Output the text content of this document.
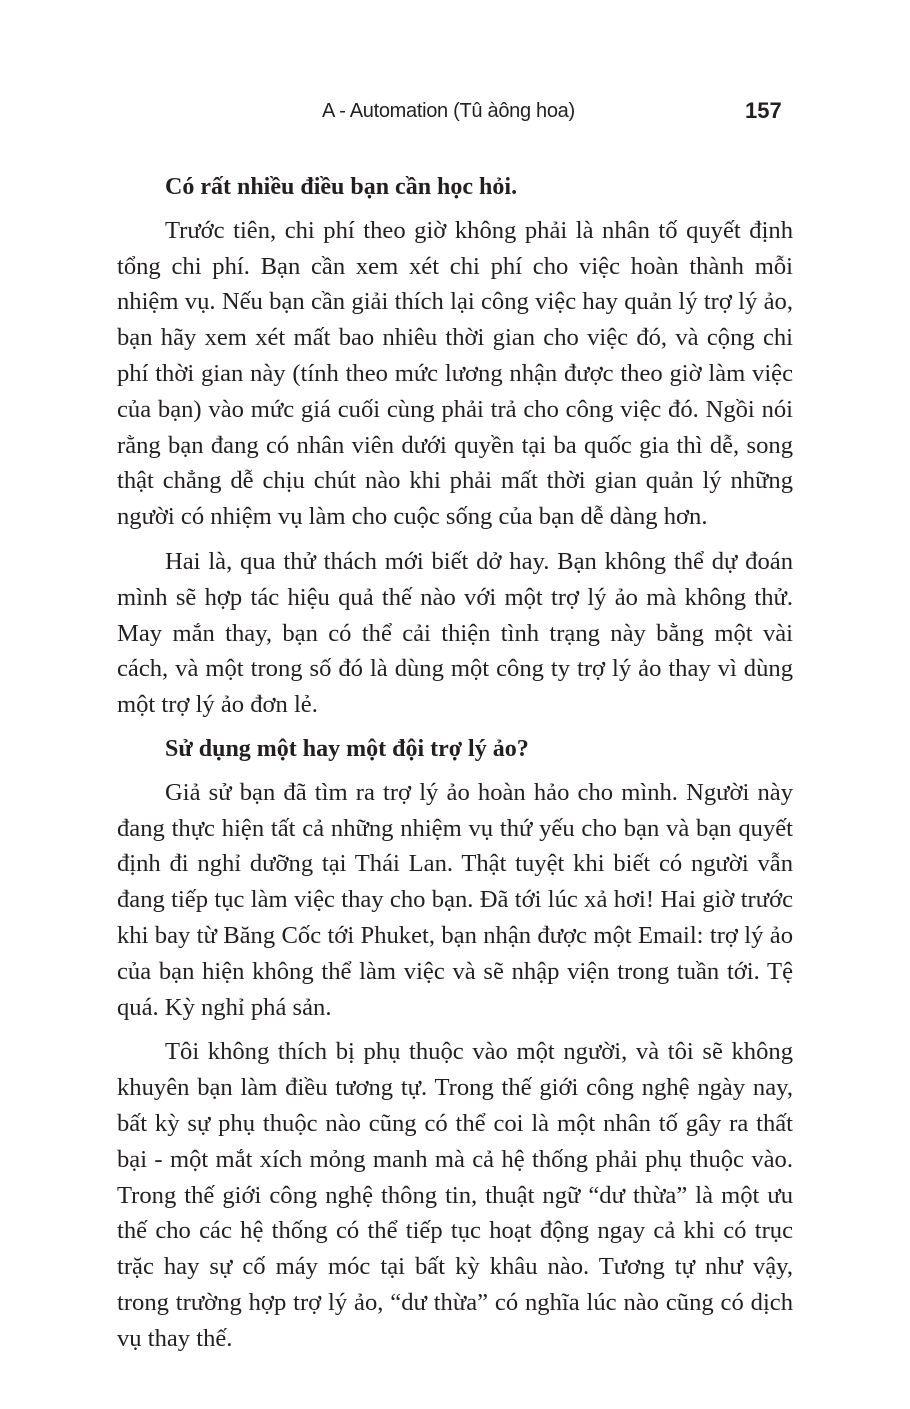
A - Automation (Tû àông hoa)	157

Có rất nhiều điều bạn cần học hỏi.

Trước tiên, chi phí theo giờ không phải là nhân tố quyết định tổng chi phí. Bạn cần xem xét chi phí cho việc hoàn thành mỗi nhiệm vụ. Nếu bạn cần giải thích lại công việc hay quản lý trợ lý ảo, bạn hãy xem xét mất bao nhiêu thời gian cho việc đó, và cộng chi phí thời gian này (tính theo mức lương nhận được theo giờ làm việc của bạn) vào mức giá cuối cùng phải trả cho công việc đó. Ngồi nói rằng bạn đang có nhân viên dưới quyền tại ba quốc gia thì dễ, song thật chẳng dễ chịu chút nào khi phải mất thời gian quản lý những người có nhiệm vụ làm cho cuộc sống của bạn dễ dàng hơn.

Hai là, qua thử thách mới biết dở hay. Bạn không thể dự đoán mình sẽ hợp tác hiệu quả thế nào với một trợ lý ảo mà không thử. May mắn thay, bạn có thể cải thiện tình trạng này bằng một vài cách, và một trong số đó là dùng một công ty trợ lý ảo thay vì dùng một trợ lý ảo đơn lẻ.

Sử dụng một hay một đội trợ lý ảo?

Giả sử bạn đã tìm ra trợ lý ảo hoàn hảo cho mình. Người này đang thực hiện tất cả những nhiệm vụ thứ yếu cho bạn và bạn quyết định đi nghỉ dưỡng tại Thái Lan. Thật tuyệt khi biết có người vẫn đang tiếp tục làm việc thay cho bạn. Đã tới lúc xả hơi! Hai giờ trước khi bay từ Băng Cốc tới Phuket, bạn nhận được một Email: trợ lý ảo của bạn hiện không thể làm việc và sẽ nhập viện trong tuần tới. Tệ quá. Kỳ nghỉ phá sản.

Tôi không thích bị phụ thuộc vào một người, và tôi sẽ không khuyên bạn làm điều tương tự. Trong thế giới công nghệ ngày nay, bất kỳ sự phụ thuộc nào cũng có thể coi là một nhân tố gây ra thất bại - một mắt xích mỏng manh mà cả hệ thống phải phụ thuộc vào. Trong thế giới công nghệ thông tin, thuật ngữ “dư thừa” là một ưu thế cho các hệ thống có thể tiếp tục hoạt động ngay cả khi có trục trặc hay sự cố máy móc tại bất kỳ khâu nào. Tương tự như vậy, trong trường hợp trợ lý ảo, “dư thừa” có nghĩa lúc nào cũng có dịch vụ thay thế.
